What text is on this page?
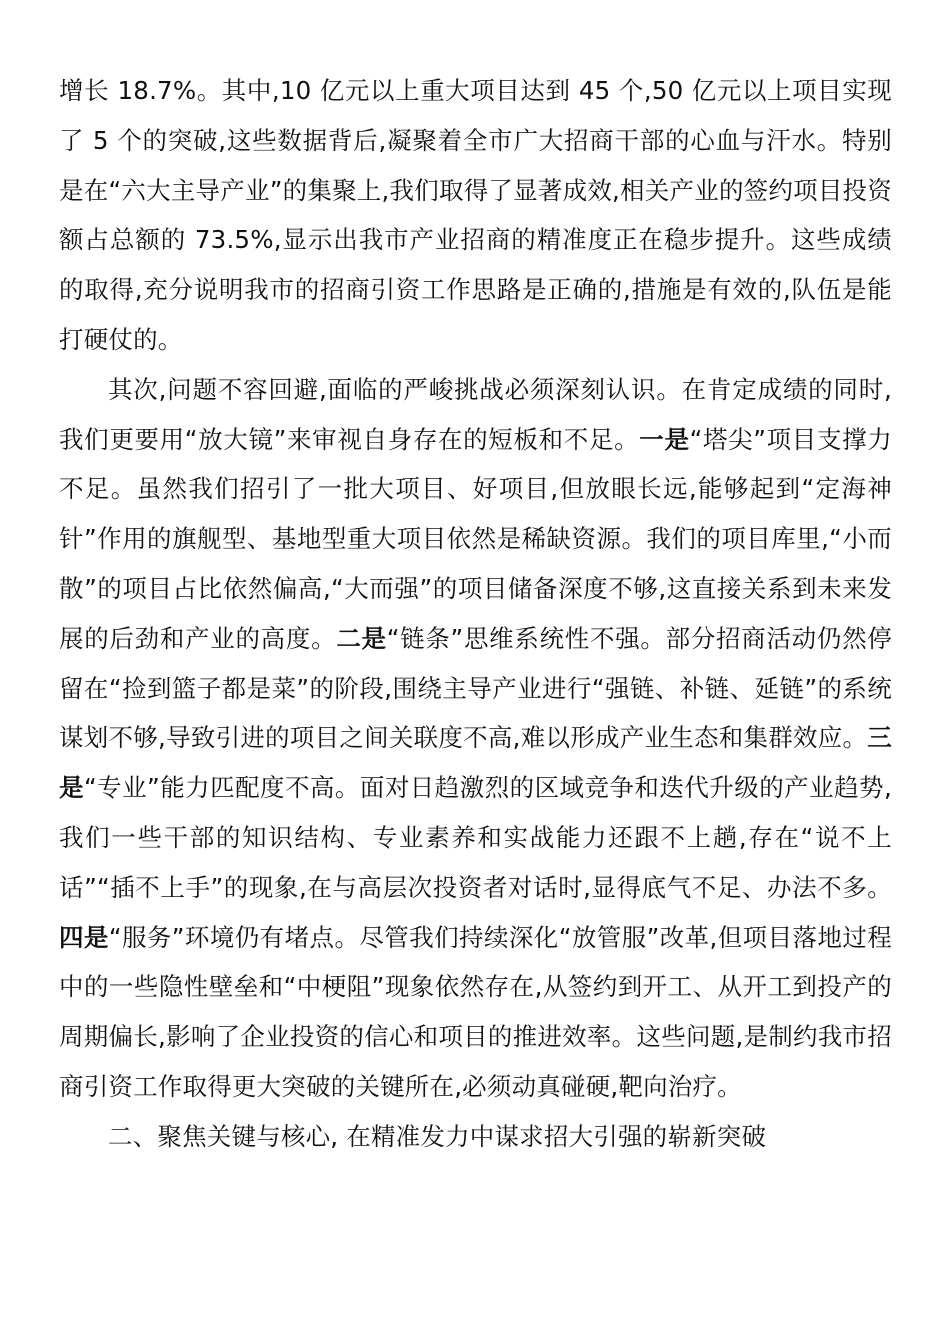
增长 18.7%。其中,10 亿元以上重大项目达到 45 个,50 亿元以上项目实现了 5 个的突破,这些数据背后,凝聚着全市广大招商干部的心血与汗水。特别是在“六大主导产业”的集聚上,我们取得了显著成效,相关产业的签约项目投资额占总额的 73.5%,显示出我市产业招商的精准度正在稳步提升。这些成绩的取得,充分说明我市的招商引资工作思路是正确的,措施是有效的,队伍是能打硬仗的。

其次,问题不容回避,面临的严峻挑战必须深刻认识。在肯定成绩的同时,我们更要用“放大镜”来审视自身存在的短板和不足。一是“塔尖”项目支撑力不足。虽然我们招引了一批大项目、好项目,但放眼长远,能够起到“定海神针”作用的旗舰型、基地型重大项目依然是稀缺资源。我们的项目库里,“小而散”的项目占比依然偏高,“大而强”的项目储备深度不够,这直接关系到未来发展的后劲和产业的高度。二是“链条”思维系统性不强。部分招商活动仍然停留在“捡到篮子都是菜”的阶段,围绕主导产业进行“强链、补链、延链”的系统谋划不够,导致引进的项目之间关联度不高,难以形成产业生态和集群效应。三是“专业”能力匹配度不高。面对日趋激烈的区域竞争和迭代升级的产业趋势,我们一些干部的知识结构、专业素养和实战能力还跟不上趟,存在“说不上话”“插不上手”的现象,在与高层次投资者对话时,显得底气不足、办法不多。四是“服务”环境仍有堵点。尽管我们持续深化“放管服”改革,但项目落地过程中的一些隐性壁垒和“中梗阻”现象依然存在,从签约到开工、从开工到投产的周期偏长,影响了企业投资的信心和项目的推进效率。这些问题,是制约我市招商引资工作取得更大突破的关键所在,必须动真碰硬,靶向治疗。

二、聚焦关键与核心, 在精准发力中谋求招大引强的崭新突破
